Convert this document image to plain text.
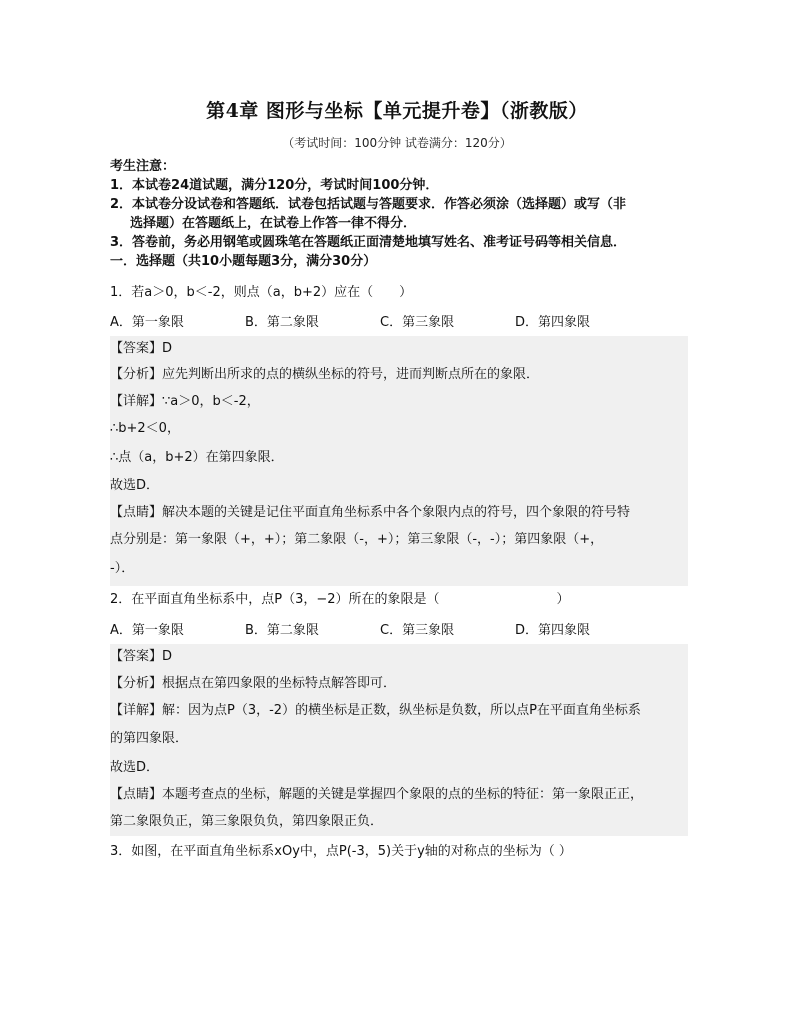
第4章 图形与坐标【单元提升卷】（浙教版）
（考试时间：100分钟 试卷满分：120分）
考生注意：
1．本试卷24道试题，满分120分，考试时间100分钟．
2．本试卷分设试卷和答题纸．试卷包括试题与答题要求．作答必须涂（选择题）或写（非
选择题）在答题纸上，在试卷上作答一律不得分．
3．答卷前，务必用钢笔或圆珠笔在答题纸正面清楚地填写姓名、准考证号码等相关信息．
一．选择题（共10小题每题3分，满分30分）
1．若a＞0，b＜-2，则点（a，b+2）应在（　　）
A．第一象限	B．第二象限	C．第三象限	D．第四象限
【答案】D
【分析】应先判断出所求的点的横纵坐标的符号，进而判断点所在的象限．
【详解】∵a＞0，b＜-2，
∴b+2＜0，
∴点（a，b+2）在第四象限．
故选D．
【点睛】解决本题的关键是记住平面直角坐标系中各个象限内点的符号，四个象限的符号特
点分别是：第一象限（+，+）；第二象限（-，+）；第三象限（-，-）；第四象限（+，
-）．
2．在平面直角坐标系中，点P（3，−2）所在的象限是（　　　　　　　　　）
A．第一象限	B．第二象限	C．第三象限	D．第四象限
【答案】D
【分析】根据点在第四象限的坐标特点解答即可．
【详解】解：因为点P（3，-2）的横坐标是正数，纵坐标是负数，所以点P在平面直角坐标系
的第四象限．
故选D．
【点睛】本题考查点的坐标，解题的关键是掌握四个象限的点的坐标的特征：第一象限正正，
第二象限负正，第三象限负负，第四象限正负．
3．如图，在平面直角坐标系xOy中，点P(-3，5)关于y轴的对称点的坐标为（ ）
